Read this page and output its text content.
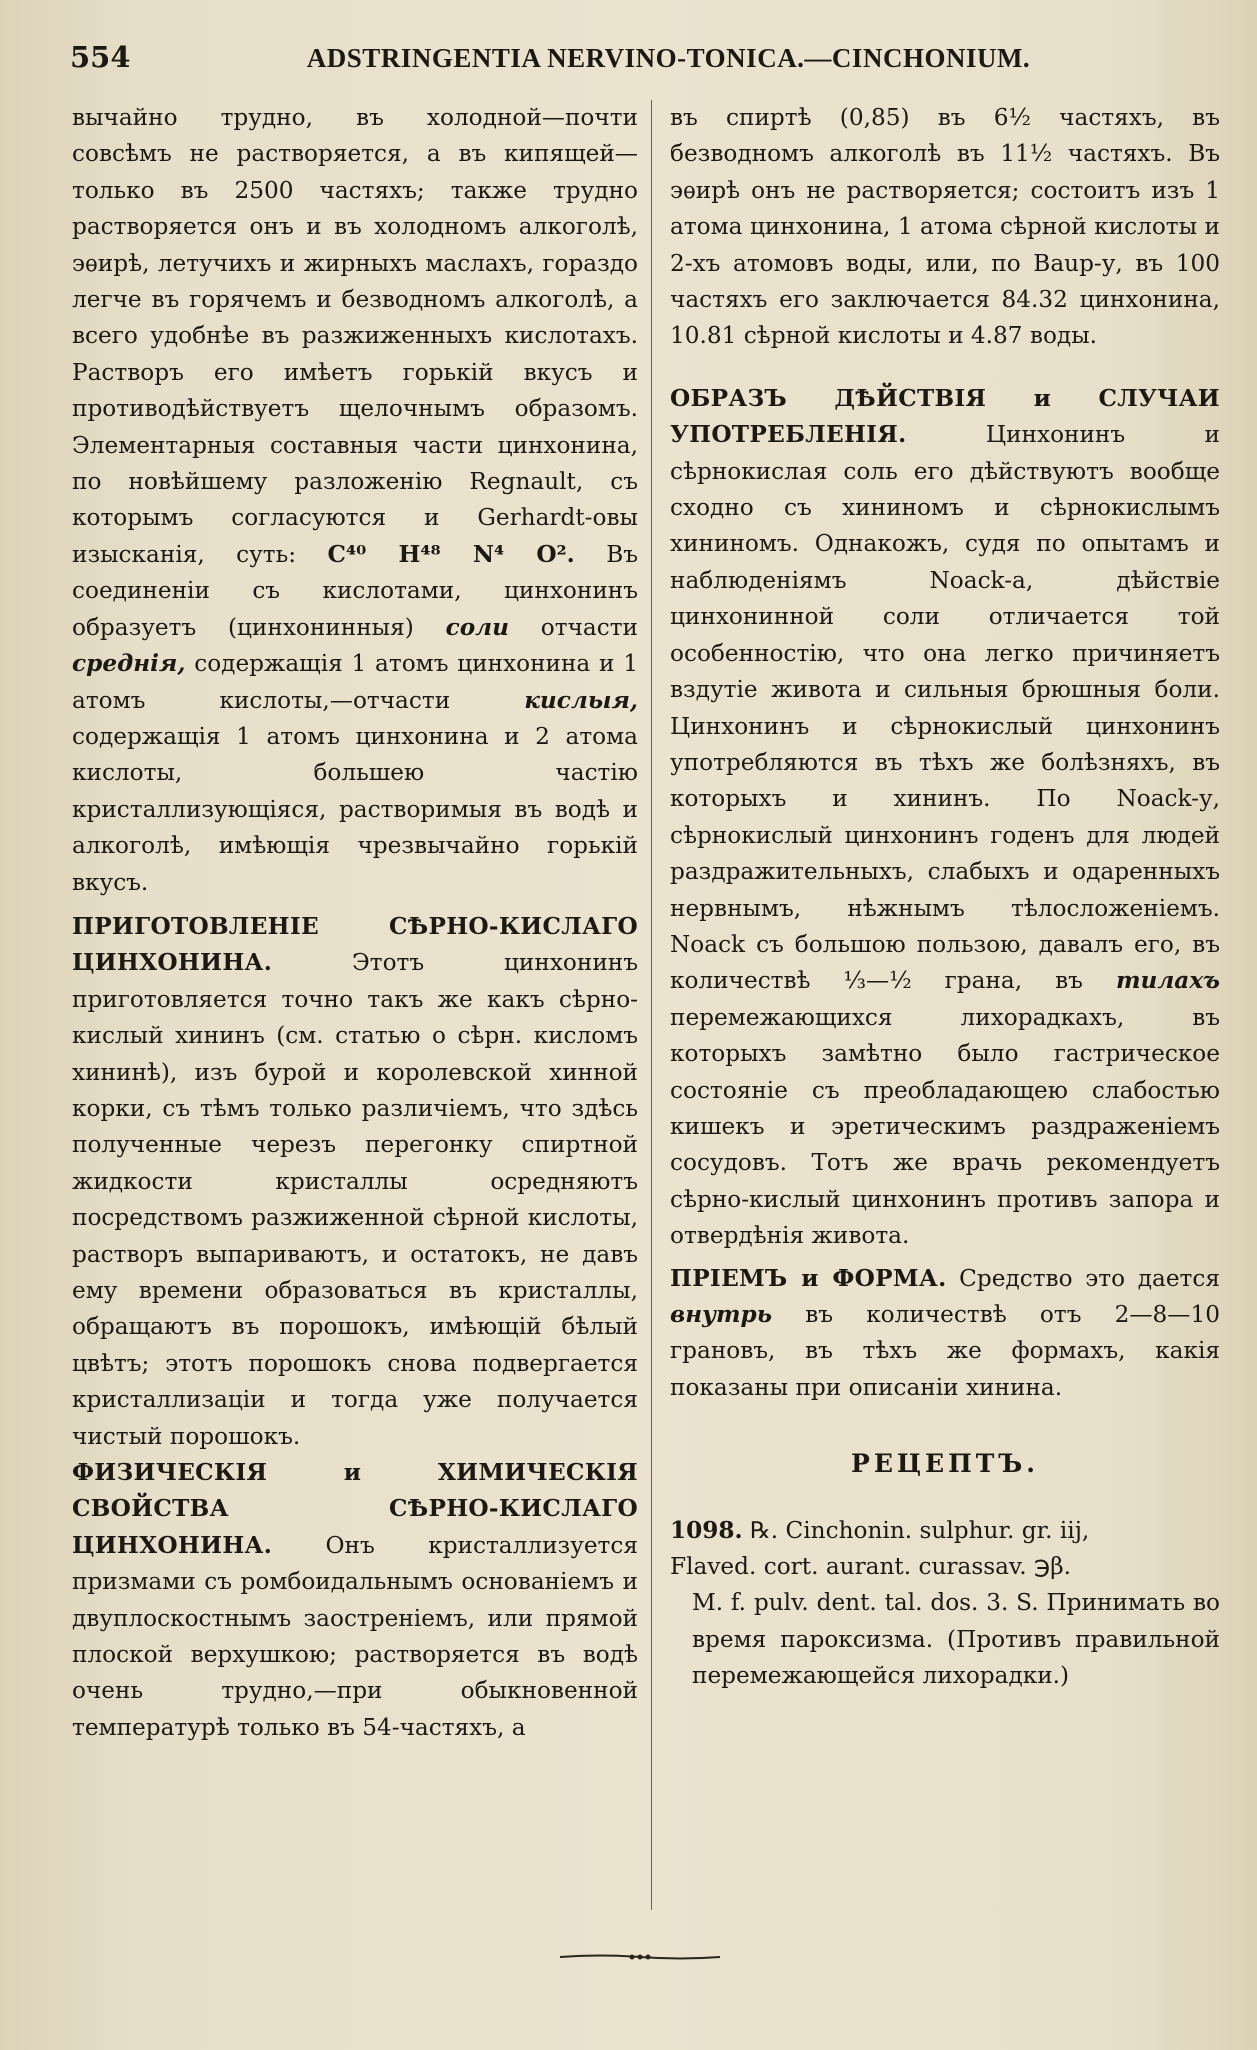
554	ADSTRINGENTIA NERVINO-TONICA.—CINCHONIUM.

вычайно трудно, въ холодной—почти совсѣмъ не растворяется, а въ кипящей—только въ 2500 частяхъ; также трудно растворяется онъ и въ холодномъ алкоголѣ, эѳирѣ, летучихъ и жирныхъ маслахъ, гораздо легче въ горячемъ и безводномъ алкоголѣ, а всего удобнѣе въ разжиженныхъ кислотахъ. Растворъ его имѣетъ горькій вкусъ и противодѣйствуетъ щелочнымъ образомъ. Элементарныя составныя части цинхонина, по новѣйшему разложенію Regnault, съ которымъ согласуются и Gerhardt-овы изысканія, суть: C⁴⁰ H⁴⁸ N⁴ O². Въ соединеніи съ кислотами, цинхонинъ образуетъ (цинхонинныя) соли отчасти среднія, содержащія 1 атомъ цинхонина и 1 атомъ кислоты,—отчасти	кислыя, содержащія 1 атомъ цинхонина и 2 атома кислоты, большею частію кристаллизующіяся, растворимыя въ водѣ и алкоголѣ, имѣющія чрезвычайно горькій вкусъ.

ПРИГОТОВЛЕНІЕ СѢРНО-КИСЛАГО ЦИНХОНИНА.	Этотъ цинхонинъ приготовляется точно такъ же какъ сѣрно-кислый хининъ (см. статью о сѣрн. кисломъ хининѣ), изъ бурой и королевской хинной корки, съ тѣмъ только различіемъ, что здѣсь полученные черезъ перегонку спиртной жидкости кристаллы осредняютъ посредствомъ разжиженной сѣрной кислоты, растворъ выпариваютъ, и остатокъ, не давъ ему времени образоваться въ кристаллы, обращаютъ въ порошокъ, имѣющій бѣлый цвѣтъ; этотъ порошокъ снова подвергается кристаллизаціи и тогда уже получается чистый порошокъ.

ФИЗИЧЕСКІЯ и ХИМИЧЕСКІЯ СВОЙСТВА СѢРНО-КИСЛАГО ЦИНХОНИНА. Онъ кристаллизуется призмами съ ромбоидальнымъ основаніемъ и двуплоскостнымъ заостреніемъ, или прямой плоской верхушкою; растворяется въ водѣ очень трудно,—при обыкновенной температурѣ только въ 54-частяхъ, а

въ спиртѣ (0,85) въ 6½ частяхъ, въ безводномъ алкоголѣ въ 11½ частяхъ. Въ эѳирѣ онъ не растворяется; состоитъ изъ 1 атома цинхонина, 1 атома сѣрной кислоты и 2-хъ атомовъ воды, или, по Baup-у, въ 100 частяхъ его заключается 84.32 цинхонина, 10.81 сѣрной кислоты и 4.87 воды.

ОБРАЗЪ ДѢЙСТВІЯ и СЛУЧАИ УПОТРЕБЛЕНІЯ.	Цинхонинъ и сѣрнокислая соль его дѣйствуютъ вообще сходно съ хининомъ и сѣрнокислымъ хининомъ. Однакожъ, судя по опытамъ и наблюденіямъ Noack-а, дѣйствіе цинхонинной соли отличается той особенностію, что она легко причиняетъ вздутіе живота и сильныя брюшныя боли. Цинхонинъ и сѣрнокислый цинхонинъ употребляются въ тѣхъ же болѣзняхъ, въ которыхъ и хининъ. По Noack-у, сѣрнокислый цинхонинъ годенъ для людей раздражительныхъ, слабыхъ и одаренныхъ нервнымъ, нѣжнымъ тѣлосложеніемъ. Noack съ большою пользою, давалъ его, въ количествѣ ⅓—½ грана, въ тилахъ перемежающихся лихорадкахъ, въ которыхъ замѣтно было гастрическое состояніе съ преобладающею слабостью кишекъ и эретическимъ раздраженіемъ сосудовъ. Тотъ же врачь рекомендуетъ сѣрно-кислый цинхонинъ противъ запора и отвердѣнія живота.

ПРІЕМЪ и ФОРМА. Средство это дается внутрь въ количествѣ отъ 2—8—10 грановъ, въ тѣхъ же формахъ, какія показаны при описаніи хинина.

РЕЦЕПТЪ.

1098. ℞. Cinchonin. sulphur. gr. iij,

Flaved. cort. aurant. curassav. ℈β.

M. f. pulv. dent. tal. dos. 3. S. Принимать во время пароксизма. (Противъ правильной перемежающейся лихорадки.)
